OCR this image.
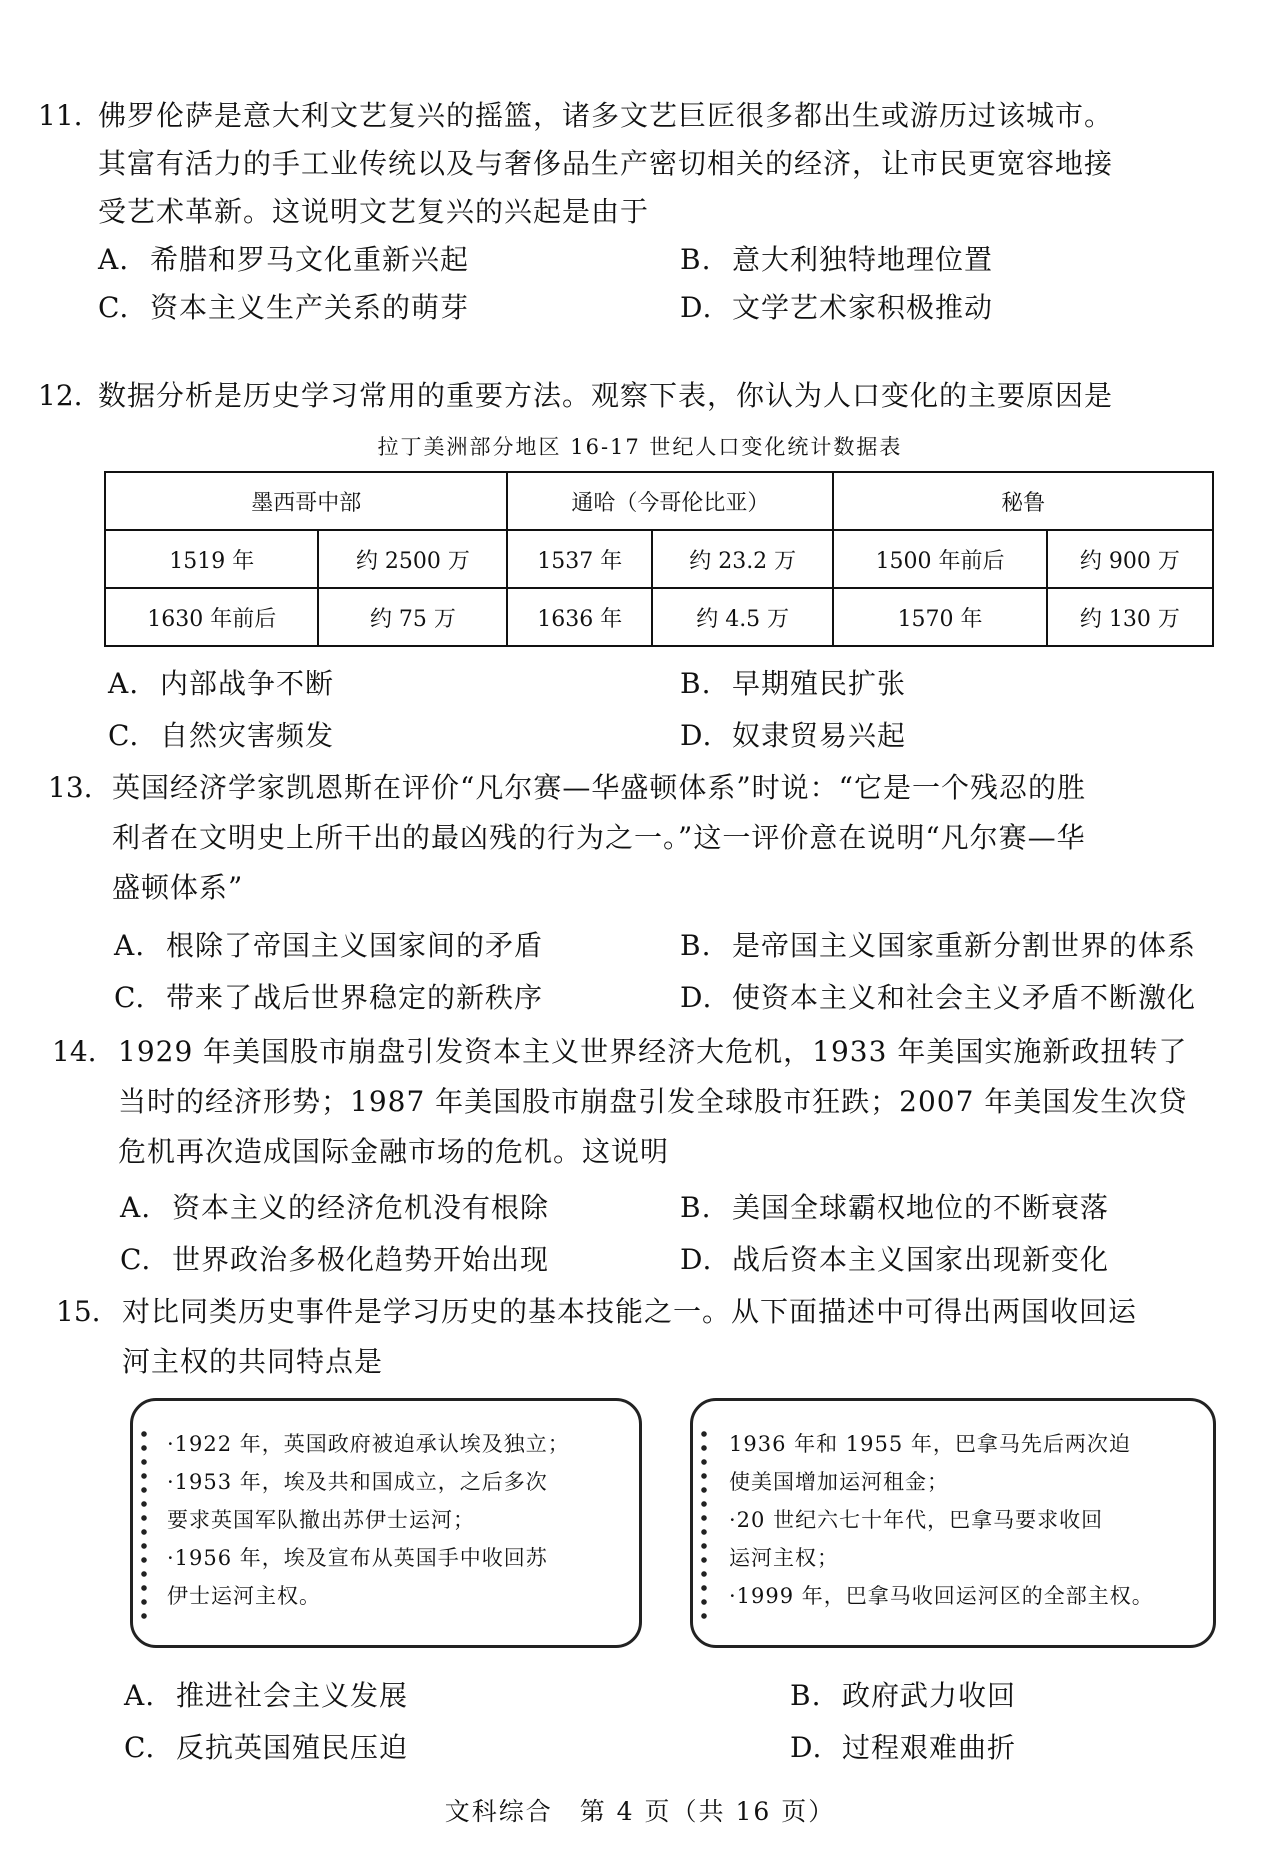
11. 佛罗伦萨是意大利文艺复兴的摇篮，诸多文艺巨匠很多都出生或游历过该城市。
其富有活力的手工业传统以及与奢侈品生产密切相关的经济，让市民更宽容地接
受艺术革新。这说明文艺复兴的兴起是由于
A. 希腊和罗马文化重新兴起	B. 意大利独特地理位置
C. 资本主义生产关系的萌芽	D. 文学艺术家积极推动
12. 数据分析是历史学习常用的重要方法。观察下表，你认为人口变化的主要原因是
拉丁美洲部分地区 16-17 世纪人口变化统计数据表
墨西哥中部		通哈（今哥伦比亚）		秘鲁	
1519 年	约 2500 万	1537 年	约 23.2 万	1500 年前后	约 900 万
1630 年前后	约 75 万	1636 年	约 4.5 万	1570 年	约 130 万
A. 内部战争不断	B. 早期殖民扩张
C. 自然灾害频发	D. 奴隶贸易兴起
13. 英国经济学家凯恩斯在评价“凡尔赛—华盛顿体系”时说：“它是一个残忍的胜
利者在文明史上所干出的最凶残的行为之一。”这一评价意在说明“凡尔赛—华
盛顿体系”
A. 根除了帝国主义国家间的矛盾	B. 是帝国主义国家重新分割世界的体系
C. 带来了战后世界稳定的新秩序	D. 使资本主义和社会主义矛盾不断激化
14. 1929 年美国股市崩盘引发资本主义世界经济大危机，1933 年美国实施新政扭转了
当时的经济形势；1987 年美国股市崩盘引发全球股市狂跌；2007 年美国发生次贷
危机再次造成国际金融市场的危机。这说明
A. 资本主义的经济危机没有根除	B. 美国全球霸权地位的不断衰落
C. 世界政治多极化趋势开始出现	D. 战后资本主义国家出现新变化
15. 对比同类历史事件是学习历史的基本技能之一。从下面描述中可得出两国收回运
河主权的共同特点是
·1922 年，英国政府被迫承认埃及独立；
·1953 年，埃及共和国成立，之后多次
要求英国军队撤出苏伊士运河；
·1956 年，埃及宣布从英国手中收回苏
伊士运河主权。
1936 年和 1955 年，巴拿马先后两次迫
使美国增加运河租金；
·20 世纪六七十年代，巴拿马要求收回
运河主权；
·1999 年，巴拿马收回运河区的全部主权。
A. 推进社会主义发展	B. 政府武力收回
C. 反抗英国殖民压迫	D. 过程艰难曲折
文科综合　第 4 页（共 16 页）
